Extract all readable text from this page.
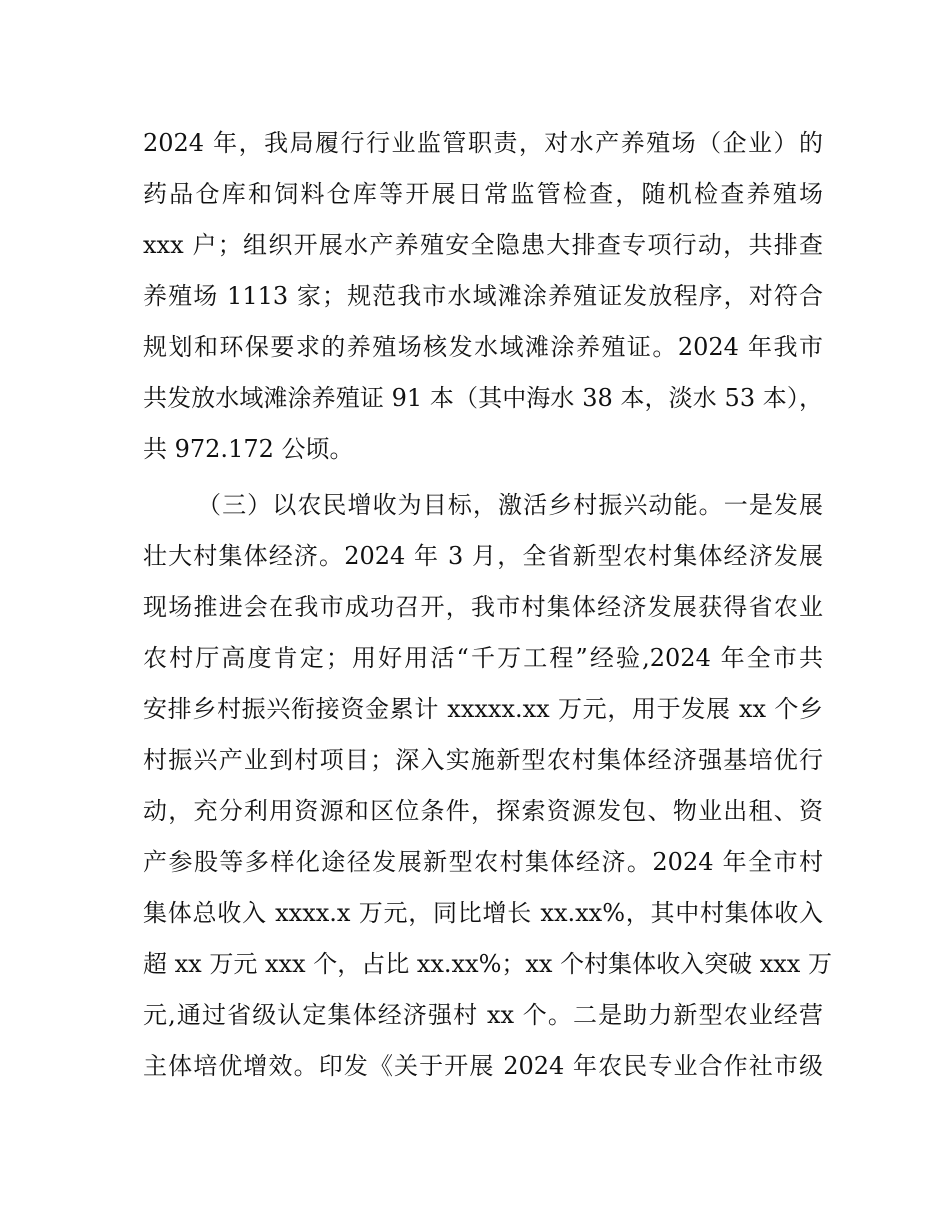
2024 年，我局履行行业监管职责，对水产养殖场（企业）的
药品仓库和饲料仓库等开展日常监管检查，随机检查养殖场
xxx 户；组织开展水产养殖安全隐患大排查专项行动，共排查
养殖场 1113 家；规范我市水域滩涂养殖证发放程序，对符合
规划和环保要求的养殖场核发水域滩涂养殖证。2024 年我市
共发放水域滩涂养殖证 91 本（其中海水 38 本，淡水 53 本），
共 972.172 公顷。
（三）以农民增收为目标，激活乡村振兴动能。一是发展
壮大村集体经济。2024 年 3 月，全省新型农村集体经济发展
现场推进会在我市成功召开，我市村集体经济发展获得省农业
农村厅高度肯定；用好用活“千万工程”经验,2024 年全市共
安排乡村振兴衔接资金累计 xxxxx.xx 万元，用于发展 xx 个乡
村振兴产业到村项目；深入实施新型农村集体经济强基培优行
动，充分利用资源和区位条件，探索资源发包、物业出租、资
产参股等多样化途径发展新型农村集体经济。2024 年全市村
集体总收入 xxxx.x 万元，同比增长 xx.xx%，其中村集体收入
超 xx 万元 xxx 个，占比 xx.xx%；xx 个村集体收入突破 xxx 万
元,通过省级认定集体经济强村 xx 个。二是助力新型农业经营
主体培优增效。印发《关于开展 2024 年农民专业合作社市级
